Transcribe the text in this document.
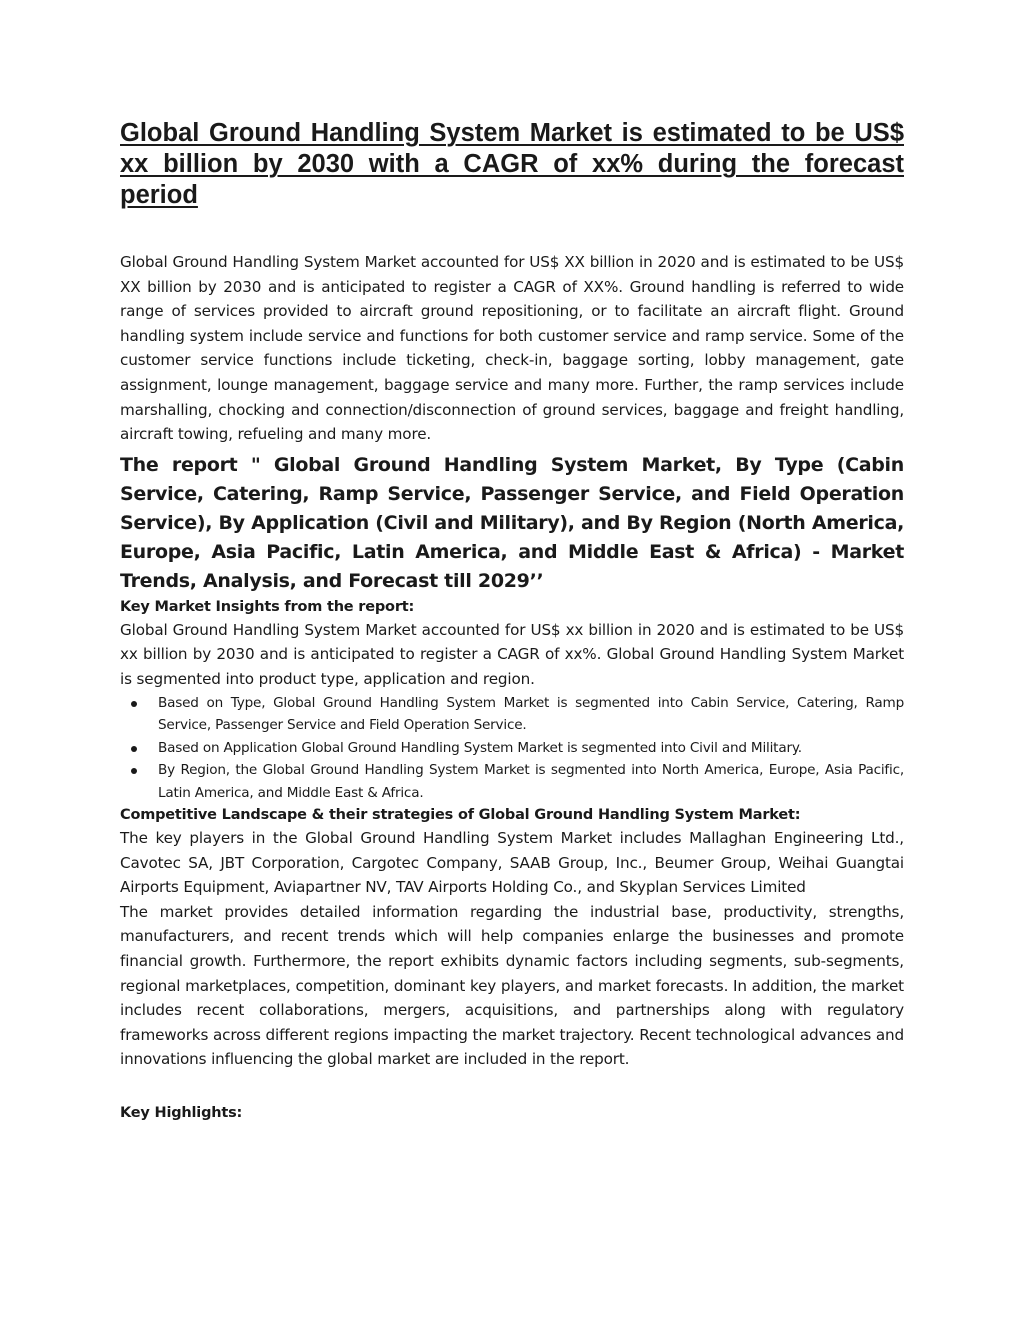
Global Ground Handling System Market is estimated to be US$ xx billion by 2030 with a CAGR of xx% during the forecast period

Global Ground Handling System Market accounted for US$ XX billion in 2020 and is estimated to be US$ XX billion by 2030 and is anticipated to register a CAGR of XX%. Ground handling is referred to wide range of services provided to aircraft ground repositioning, or to facilitate an aircraft flight. Ground handling system include service and functions for both customer service and ramp service. Some of the customer service functions include ticketing, check-in, baggage sorting, lobby management, gate assignment, lounge management, baggage service and many more. Further, the ramp services include marshalling, chocking and connection/disconnection of ground services, baggage and freight handling, aircraft towing, refueling and many more.

The report " Global Ground Handling System Market, By Type (Cabin Service, Catering, Ramp Service, Passenger Service, and Field Operation Service), By Application (Civil and Military), and By Region (North America, Europe, Asia Pacific, Latin America, and Middle East & Africa) - Market Trends, Analysis, and Forecast till 2029’’
Key Market Insights from the report:

Global Ground Handling System Market accounted for US$ xx billion in 2020 and is estimated to be US$ xx billion by 2030 and is anticipated to register a CAGR of xx%. Global Ground Handling System Market is segmented into product type, application and region.

Based on Type, Global Ground Handling System Market is segmented into Cabin Service, Catering, Ramp Service, Passenger Service and Field Operation Service.
Based on Application Global Ground Handling System Market is segmented into Civil and Military.
By Region, the Global Ground Handling System Market is segmented into North America, Europe, Asia Pacific, Latin America, and Middle East & Africa.
Competitive Landscape & their strategies of Global Ground Handling System Market:

The key players in the Global Ground Handling System Market includes Mallaghan Engineering Ltd., Cavotec SA, JBT Corporation, Cargotec Company, SAAB Group, Inc., Beumer Group, Weihai Guangtai Airports Equipment, Aviapartner NV, TAV Airports Holding Co., and Skyplan Services Limited

The market provides detailed information regarding the industrial base, productivity, strengths, manufacturers, and recent trends which will help companies enlarge the businesses and promote financial growth. Furthermore, the report exhibits dynamic factors including segments, sub-segments, regional marketplaces, competition, dominant key players, and market forecasts. In addition, the market includes recent collaborations, mergers, acquisitions, and partnerships along with regulatory frameworks across different regions impacting the market trajectory. Recent technological advances and innovations influencing the global market are included in the report.

Key Highlights:
